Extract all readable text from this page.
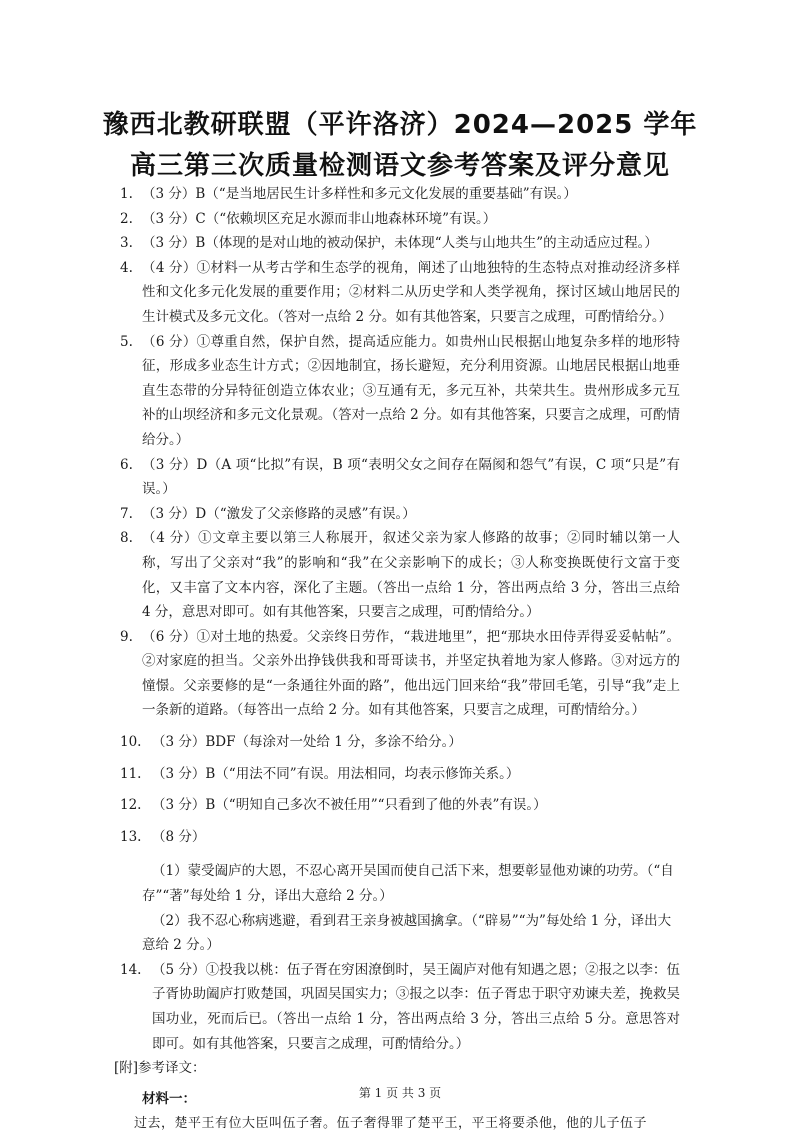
豫西北教研联盟（平许洛济）2024—2025 学年
高三第三次质量检测语文参考答案及评分意见

1. （3 分）B（“是当地居民生计多样性和多元文化发展的重要基础”有误。）

2. （3 分）C（“依赖坝区充足水源而非山地森林环境”有误。）

3. （3 分）B（体现的是对山地的被动保护，未体现“人类与山地共生”的主动适应过程。）

4. （4 分）①材料一从考古学和生态学的视角，阐述了山地独特的生态特点对推动经济多样性和文化多元化发展的重要作用；②材料二从历史学和人类学视角，探讨区域山地居民的生计模式及多元文化。（答对一点给 2 分。如有其他答案，只要言之成理，可酌情给分。）

5. （6 分）①尊重自然，保护自然，提高适应能力。如贵州山民根据山地复杂多样的地形特征，形成多业态生计方式；②因地制宜，扬长避短，充分利用资源。山地居民根据山地垂直生态带的分异特征创造立体农业；③互通有无，多元互补，共荣共生。贵州形成多元互补的山坝经济和多元文化景观。（答对一点给 2 分。如有其他答案，只要言之成理，可酌情给分。）

6. （3 分）D（A 项“比拟”有误，B 项“表明父女之间存在隔阂和怨气”有误，C 项“只是”有误。）

7. （3 分）D（“激发了父亲修路的灵感”有误。）

8. （4 分）①文章主要以第三人称展开，叙述父亲为家人修路的故事；②同时辅以第一人称，写出了父亲对“我”的影响和“我”在父亲影响下的成长；③人称变换既使行文富于变化，又丰富了文本内容，深化了主题。（答出一点给 1 分，答出两点给 3 分，答出三点给 4 分，意思对即可。如有其他答案，只要言之成理，可酌情给分。）

9. （6 分）①对土地的热爱。父亲终日劳作，“栽进地里”，把“那块水田侍弄得妥妥帖帖”。②对家庭的担当。父亲外出挣钱供我和哥哥读书，并坚定执着地为家人修路。③对远方的憧憬。父亲要修的是“一条通往外面的路”，他出远门回来给“我”带回毛笔，引导“我”走上一条新的道路。（每答出一点给 2 分。如有其他答案，只要言之成理，可酌情给分。）

10. （3 分）BDF（每涂对一处给 1 分，多涂不给分。）

11. （3 分）B（“用法不同”有误。用法相同，均表示修饰关系。）

12. （3 分）B（“明知自己多次不被任用”“只看到了他的外表”有误。）

13. （8 分）

（1）蒙受阖庐的大恩，不忍心离开吴国而使自己活下来，想要彰显他劝谏的功劳。（“自存”“著”每处给 1 分，译出大意给 2 分。）

（2）我不忍心称病逃避，看到君王亲身被越国擒拿。（“辟易”“为”每处给 1 分，译出大意给 2 分。）

14. （5 分）①投我以桃：伍子胥在穷困潦倒时，吴王阖庐对他有知遇之恩；②报之以李：伍子胥协助阖庐打败楚国，巩固吴国实力；③报之以李：伍子胥忠于职守劝谏夫差，挽救吴国功业，死而后已。（答出一点给 1 分，答出两点给 3 分，答出三点给 5 分。意思答对即可。如有其他答案，只要言之成理，可酌情给分。）

[附]参考译文：

材料一：

过去，楚平王有位大臣叫伍子奢。伍子奢得罪了楚平王，平王将要杀他，他的儿子伍子

第 1 页 共 3 页
